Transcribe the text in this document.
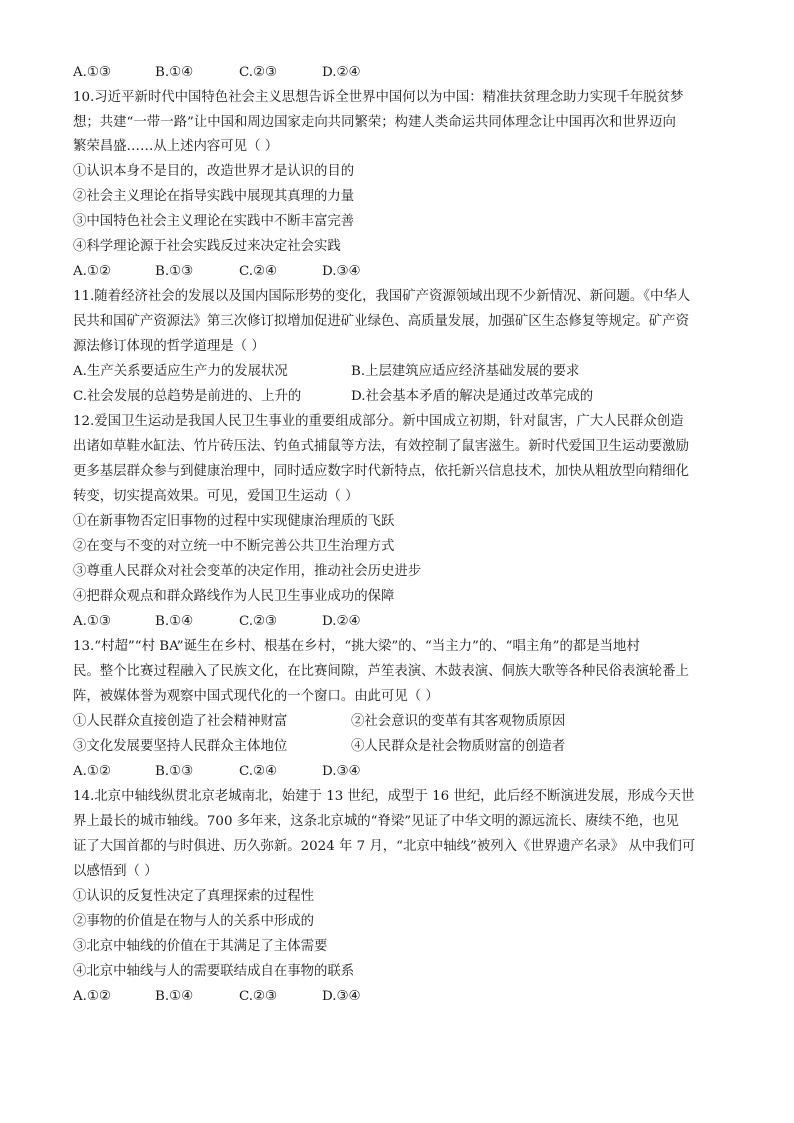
A.①③	B.①④	C.②③	D.②④
10.习近平新时代中国特色社会主义思想告诉全世界中国何以为中国：精准扶贫理念助力实现千年脱贫梦
想；共建“一带一路”让中国和周边国家走向共同繁荣；构建人类命运共同体理念让中国再次和世界迈向
繁荣昌盛……从上述内容可见（ ）
①认识本身不是目的，改造世界才是认识的目的
②社会主义理论在指导实践中展现其真理的力量
③中国特色社会主义理论在实践中不断丰富完善
④科学理论源于社会实践反过来决定社会实践
A.①②	B.①③	C.②④	D.③④
11.随着经济社会的发展以及国内国际形势的变化，我国矿产资源领域出现不少新情况、新问题。《中华人
民共和国矿产资源法》第三次修订拟增加促进矿业绿色、高质量发展，加强矿区生态修复等规定。矿产资
源法修订体现的哲学道理是（ ）
A.生产关系要适应生产力的发展状况	B.上层建筑应适应经济基础发展的要求
C.社会发展的总趋势是前进的、上升的	D.社会基本矛盾的解决是通过改革完成的
12.爱国卫生运动是我国人民卫生事业的重要组成部分。新中国成立初期，针对鼠害，广大人民群众创造
出诸如草鞋水缸法、竹片砖压法、钓鱼式捕鼠等方法，有效控制了鼠害滋生。新时代爱国卫生运动要激励
更多基层群众参与到健康治理中，同时适应数字时代新特点，依托新兴信息技术，加快从粗放型向精细化
转变，切实提高效果。可见，爱国卫生运动（ ）
①在新事物否定旧事物的过程中实现健康治理质的飞跃
②在变与不变的对立统一中不断完善公共卫生治理方式
③尊重人民群众对社会变革的决定作用，推动社会历史进步
④把群众观点和群众路线作为人民卫生事业成功的保障
A.①③	B.①④	C.②③	D.②④
13.“村超”“村 BA”诞生在乡村、根基在乡村，“挑大梁”的、“当主力”的、“唱主角”的都是当地村
民。整个比赛过程融入了民族文化，在比赛间隙，芦笙表演、木鼓表演、侗族大歌等各种民俗表演轮番上
阵，被媒体誉为观察中国式现代化的一个窗口。由此可见（ ）
①人民群众直接创造了社会精神财富	②社会意识的变革有其客观物质原因
③文化发展要坚持人民群众主体地位	④人民群众是社会物质财富的创造者
A.①②	B.①③	C.②④	D.③④
14.北京中轴线纵贯北京老城南北，始建于 13 世纪，成型于 16 世纪，此后经不断演进发展，形成今天世
界上最长的城市轴线。700 多年来，这条北京城的“脊梁”见证了中华文明的源远流长、赓续不绝，也见
证了大国首都的与时俱进、历久弥新。2024 年 7 月，“北京中轴线”被列入《世界遗产名录》 从中我们可
以感悟到（ ）
①认识的反复性决定了真理探索的过程性
②事物的价值是在物与人的关系中形成的
③北京中轴线的价值在于其满足了主体需要
④北京中轴线与人的需要联结成自在事物的联系
A.①②	B.①④	C.②③	D.③④
